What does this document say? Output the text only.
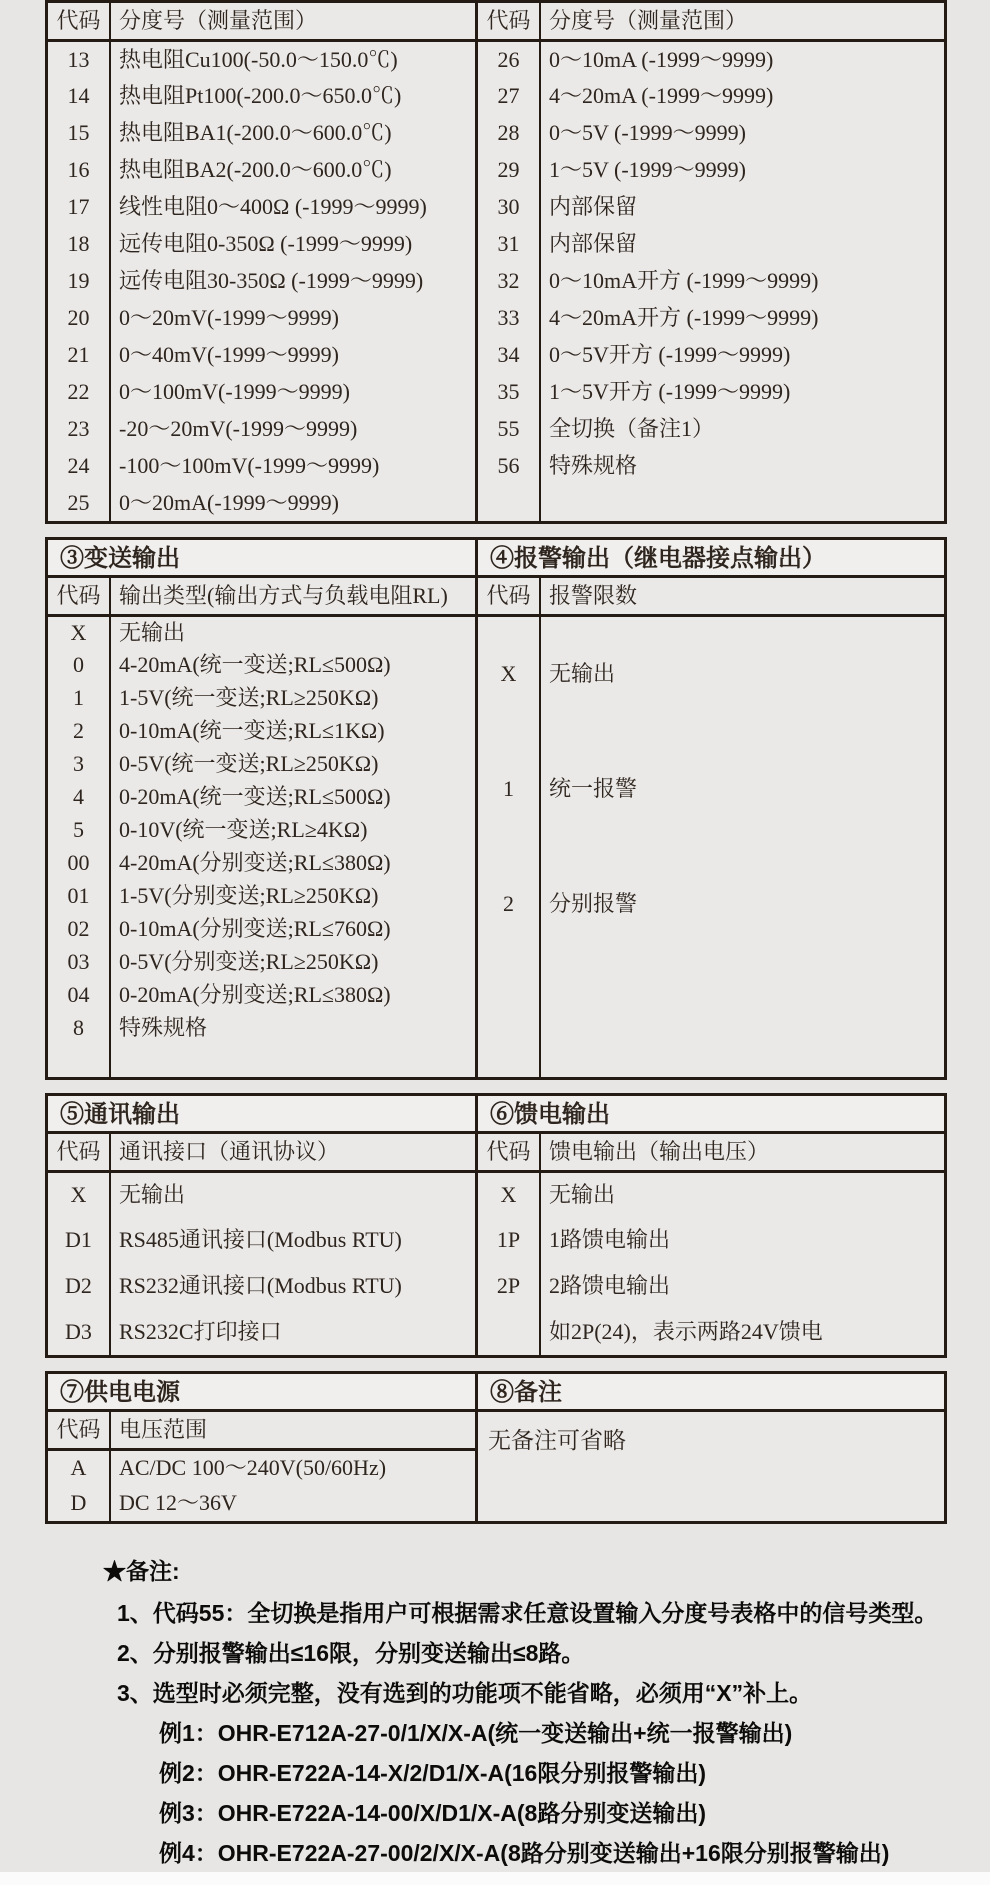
代码	分度号（测量范围）
13	热电阻Cu100(-50.0～150.0℃)
14	热电阻Pt100(-200.0～650.0℃)
15	热电阻BA1(-200.0～600.0℃)
16	热电阻BA2(-200.0～600.0℃)
17	线性电阻0～400Ω (-1999～9999)
18	远传电阻0-350Ω (-1999～9999)
19	远传电阻30-350Ω (-1999～9999)
20	0～20mV(-1999～9999)
21	0～40mV(-1999～9999)
22	0～100mV(-1999～9999)
23	-20～20mV(-1999～9999)
24	-100～100mV(-1999～9999)
25	0～20mA(-1999～9999)

代码	分度号（测量范围）
26	0～10mA (-1999～9999)
27	4～20mA (-1999～9999)
28	0～5V (-1999～9999)
29	1～5V (-1999～9999)
30	内部保留
31	内部保留
32	0～10mA开方 (-1999～9999)
33	4～20mA开方 (-1999～9999)
34	0～5V开方 (-1999～9999)
35	1～5V开方 (-1999～9999)
55	全切换（备注1）
56	特殊规格

③变送输出
代码	输出类型(输出方式与负载电阻RL)
X	无输出
0	4-20mA(统一变送;RL≤500Ω)
1	1-5V(统一变送;RL≥250KΩ)
2	0-10mA(统一变送;RL≤1KΩ)
3	0-5V(统一变送;RL≥250KΩ)
4	0-20mA(统一变送;RL≤500Ω)
5	0-10V(统一变送;RL≥4KΩ)
00	4-20mA(分别变送;RL≤380Ω)
01	1-5V(分别变送;RL≥250KΩ)
02	0-10mA(分别变送;RL≤760Ω)
03	0-5V(分别变送;RL≥250KΩ)
04	0-20mA(分别变送;RL≤380Ω)
8	特殊规格

④报警输出（继电器接点输出）
代码	报警限数
X	无输出
1	统一报警
2	分别报警

⑤通讯输出
代码	通讯接口（通讯协议）
X	无输出
D1	RS485通讯接口(Modbus RTU)
D2	RS232通讯接口(Modbus RTU)
D3	RS232C打印接口

⑥馈电输出
代码	馈电输出（输出电压）
X	无输出
1P	1路馈电输出
2P	2路馈电输出
	如2P(24)，表示两路24V馈电

⑦供电电源
代码	电压范围
A	AC/DC 100～240V(50/60Hz)
D	DC 12～36V

⑧备注
无备注可省略
★备注:
1、代码55：全切换是指用户可根据需求任意设置输入分度号表格中的信号类型。
2、分别报警输出≤16限，分别变送输出≤8路。
3、选型时必须完整，没有选到的功能项不能省略，必须用“X”补上。
例1：OHR-E712A-27-0/1/X/X-A(统一变送输出+统一报警输出)
例2：OHR-E722A-14-X/2/D1/X-A(16限分别报警输出)
例3：OHR-E722A-14-00/X/D1/X-A(8路分别变送输出)
例4：OHR-E722A-27-00/2/X/X-A(8路分别变送输出+16限分别报警输出)
